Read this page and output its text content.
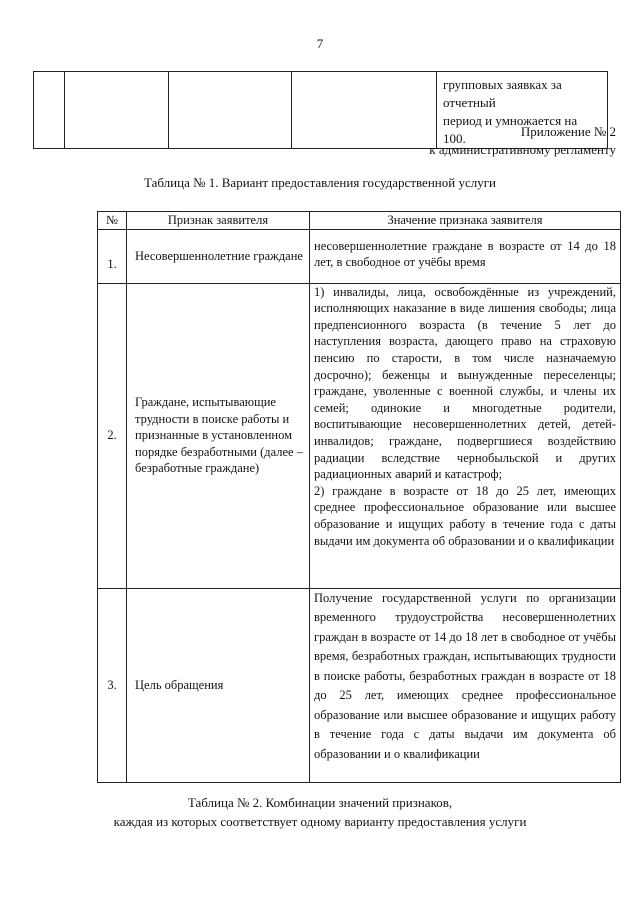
7

групповых заявках за отчетный
период и умножается на 100.	Приложение № 2
к административному регламенту
Таблица № 1. Вариант предоставления государственной услуги
№	Признак заявителя	Значение признака заявителя
1.	Несовершеннолетние граждане	несовершеннолетние граждане в возрасте от 14 до 18 лет, в свободное от учёбы время
2.	Граждане, испытывающие трудности в поиске работы и признанные в установленном порядке безработными (далее – безработные граждане)	1) инвалиды, лица, освобождённые из учреждений, исполняющих наказание в виде лишения свободы; лица предпенсионного возраста (в течение 5 лет до наступления возраста, дающего право на страховую пенсию по старости, в том числе назначаемую досрочно); беженцы и вынужденные переселенцы; граждане, уволенные с военной службы, и члены их семей; одинокие и многодетные родители, воспитывающие несовершеннолетних детей, детей-инвалидов; граждане, подвергшиеся воздействию радиации вследствие чернобыльской и других радиационных аварий и катастроф;

2) граждане в возрасте от 18 до 25 лет, имеющих среднее профессиональное образование или высшее образование и ищущих работу в течение года с даты выдачи им документа об образовании и о квалификации

3.	Цель обращения	Получение государственной услуги по организации временного трудоустройства несовершеннолетних граждан в возрасте от 14 до 18 лет в свободное от учёбы время, безработных граждан, испытывающих трудности в поиске работы, безработных граждан в возрасте от 18 до 25 лет, имеющих среднее профессиональное образование или высшее образование и ищущих работу в течение года с даты выдачи им документа об образовании и о квалификации
Таблица № 2. Комбинации значений признаков,
каждая из которых соответствует одному варианту предоставления услуги
